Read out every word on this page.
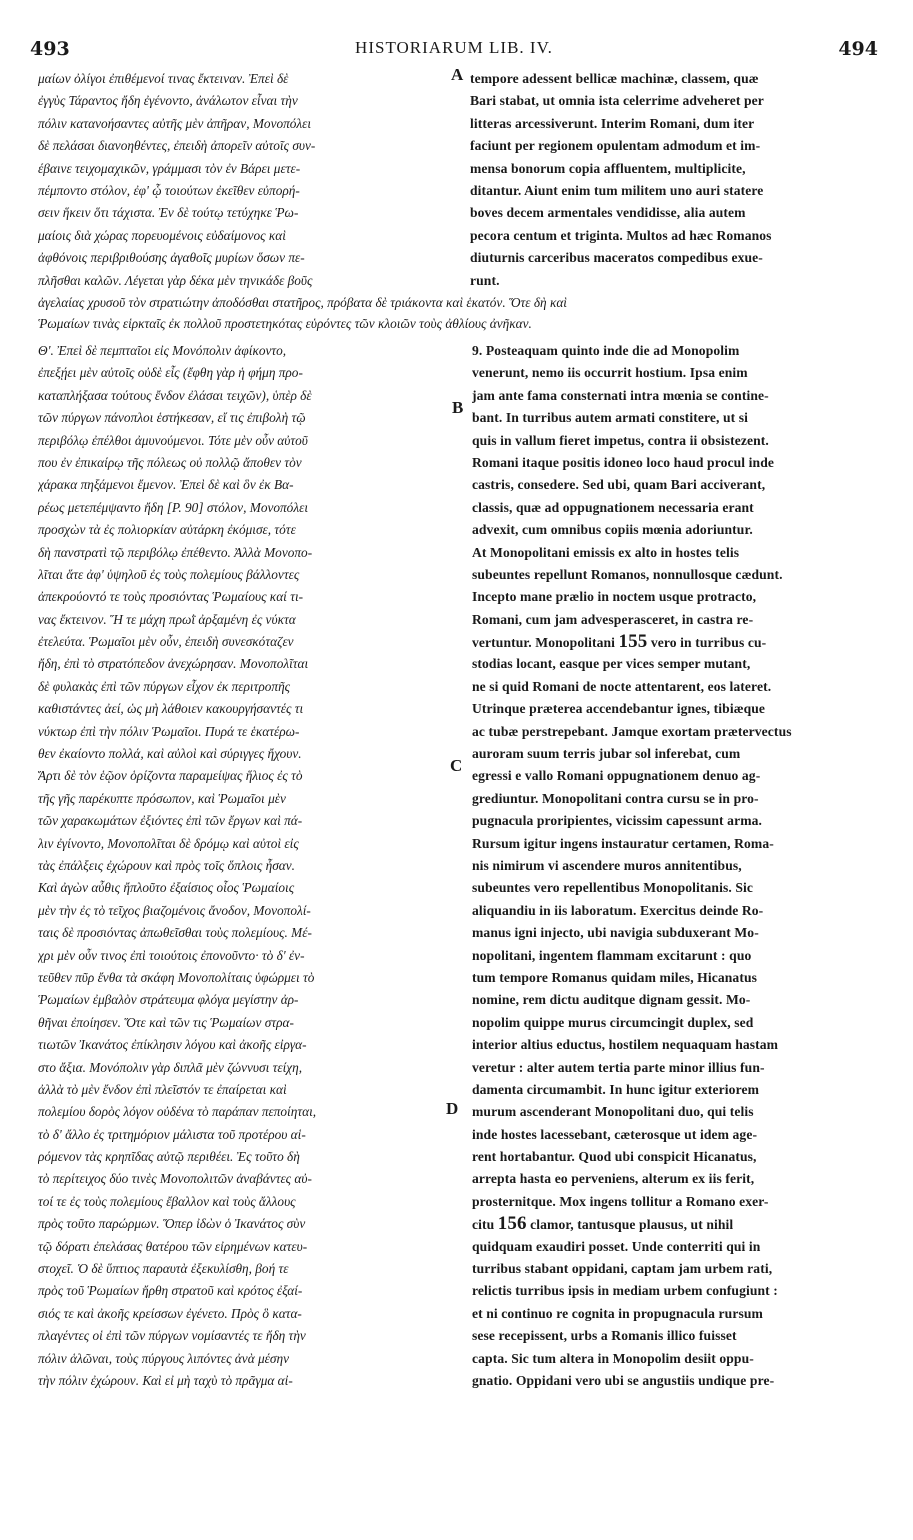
493	HISTORIARUM LIB. IV.	494
μαίων ὀλίγοι ἐπιθέμενοί τινας ἔκτειναν. Ἐπεὶ δὲ
ἐγγὺς Τάραντος ἤδη ἐγένοντο, ἀνάλωτον εἶναι τὴν
πόλιν κατανοήσαντες αὐτῆς μὲν ἀπῆραν, Μονοπόλει
δὲ πελάσαι διανοηθέντες, ἐπειδὴ ἀπορεῖν αὐτοῖς συν-
έβαινε τειχομαχικῶν, γράμμασι τὸν ἐν Βάρει μετε-
πέμποντο στόλον, ἐφ' ᾧ τοιούτων ἐκεῖθεν εὐπορή-
σειν ἥκειν ὅτι τάχιστα. Ἐν δὲ τούτῳ τετύχηκε Ῥω-
μαίοις διὰ χώρας πορευομένοις εὐδαίμονος καὶ
ἀφθόνοις περιβριθούσης ἀγαθοῖς μυρίων ὅσων πε-
πλῆσθαι καλῶν. Λέγεται γὰρ δέκα μὲν τηνικάδε βοῦς
tempore adessent bellicæ machinæ, classem, quæ
Bari stabat, ut omnia ista celerrime adveheret per
litteras arcessiverunt. Interim Romani, dum iter
faciunt per regionem opulentam admodum et im-
mensa bonorum copia affluentem, multiplicite,
ditantur. Aiunt enim tum militem uno auri statere
boves decem armentales vendidisse, alia autem
pecora centum et triginta. Multos ad hæc Romanos
diuturnis carceribus maceratos compedibus exue-
runt.
ἀγελαίας χρυσοῦ τὸν στρατιώτην ἀποδόσθαι στατῆρος, πρόβατα δὲ τριάκοντα καὶ ἑκατόν. Ὅτε δὴ καὶ
Ῥωμαίων τινὰς εἱρκταῖς ἐκ πολλοῦ προστετηκότας εὑρόντες τῶν κλοιῶν τοὺς ἀθλίους ἀνῆκαν.
Θ'. Ἐπεὶ δὲ πεμπταῖοι εἰς Μονόπολιν ἀφίκοντο,
ἐπεξῄει μὲν αὐτοῖς οὐδὲ εἷς (ἔφθη γὰρ ἡ φήμη προ-
καταπλήξασα τούτους ἔνδον ἐλάσαι τειχῶν), ὑπὲρ δὲ
τῶν πύργων πάνοπλοι ἑστήκεσαν, εἴ τις ἐπιβολὴ τῷ
περιβόλῳ ἐπέλθοι ἀμυνούμενοι. Τότε μὲν οὖν αὐτοῦ
που ἐν ἐπικαίρῳ τῆς πόλεως οὐ πολλῷ ἄποθεν τὸν
χάρακα πηξάμενοι ἔμενον. Ἐπεὶ δὲ καὶ ὃν ἐκ Βα-
ρέως μετεπέμψαντο ἤδη [P. 90] στόλον, Μονοπόλει
προσχὼν τὰ ἐς πολιορκίαν αὐτάρκη ἐκόμισε, τότε
δὴ πανστρατὶ τῷ περιβόλῳ ἐπέθεντο. Ἀλλὰ Μονοπο-
λῖται ἅτε ἀφ' ὑψηλοῦ ἐς τοὺς πολεμίους βάλλοντες
ἀπεκρούοντό τε τοὺς προσιόντας Ῥωμαίους καί τι-
νας ἔκτεινον. Ἥ τε μάχη πρωῒ ἀρξαμένη ἐς νύκτα
ἐτελεύτα. Ῥωμαῖοι μὲν οὖν, ἐπειδὴ συνεσκόταζεν
ἤδη, ἐπὶ τὸ στρατόπεδον ἀνεχώρησαν. Μονοπολῖται
δὲ φυλακὰς ἐπὶ τῶν πύργων εἶχον ἐκ περιτροπῆς
καθιστάντες ἀεί, ὡς μὴ λάθοιεν κακουργήσαντές τι
νύκτωρ ἐπὶ τὴν πόλιν Ῥωμαῖοι. Πυρά τε ἑκατέρω-
θεν ἐκαίοντο πολλά, καὶ αὐλοὶ καὶ σύριγγες ἤχουν.
Ἄρτι δὲ τὸν ἑῷον ὁρίζοντα παραμείψας ἥλιος ἐς τὸ
τῆς γῆς παρέκυπτε πρόσωπον, καὶ Ῥωμαῖοι μὲν
τῶν χαρακωμάτων ἐξιόντες ἐπὶ τῶν ἔργων καὶ πά-
λιν ἐγίνοντο, Μονοπολῖται δὲ δρόμῳ καὶ αὐτοὶ εἰς
τὰς ἐπάλξεις ἐχώρουν καὶ πρὸς τοῖς ὅπλοις ἦσαν.
Καὶ ἀγὼν αὖθις ἤπλοῦτο ἐξαίσιος οἷος Ῥωμαίοις
μὲν τὴν ἐς τὸ τεῖχος βιαζομένοις ἄνοδον, Μονοπολί-
ταις δὲ προσιόντας ἀπωθεῖσθαι τοὺς πολεμίους. Μέ-
χρι μὲν οὖν τινος ἐπὶ τοιούτοις ἐπονοῦντο· τὸ δ' ἐν-
τεῦθεν πῦρ ἔνθα τὰ σκάφη Μονοπολίταις ὑφώρμει τὸ
Ῥωμαίων ἐμβαλὸν στράτευμα φλόγα μεγίστην ἀρ-
θῆναι ἐποίησεν. Ὅτε καὶ τῶν τις Ῥωμαίων στρα-
τιωτῶν Ἰκανάτος ἐπίκλησιν λόγου καὶ ἀκοῆς εἰργα-
στο ἄξια. Μονόπολιν γὰρ διπλᾶ μὲν ζώννυσι τείχη,
ἀλλὰ τὸ μὲν ἔνδον ἐπὶ πλεῖστόν τε ἐπαίρεται καὶ
πολεμίου δορὸς λόγον οὐδένα τὸ παράπαν πεποίηται,
τὸ δ' ἄλλο ἐς τριτημόριον μάλιστα τοῦ προτέρου αἱ-
ρόμενον τὰς κρηπῖδας αὐτῷ περιθέει. Ἐς τοῦτο δὴ
τὸ περίτειχος δύο τινὲς Μονοπολιτῶν ἀναβάντες αὐ-
τοί τε ἐς τοὺς πολεμίους ἔβαλλον καὶ τοὺς ἄλλους
πρὸς τοῦτο παρώρμων. Ὅπερ ἰδὼν ὁ Ἰκανάτος σὺν
τῷ δόρατι ἐπελάσας θατέρου τῶν εἰρημένων κατευ-
στοχεῖ. Ὁ δὲ ὕπτιος παραυτὰ ἐξεκυλίσθη, βοή τε
πρὸς τοῦ Ῥωμαίων ἤρθη στρατοῦ καὶ κρότος ἐξαί-
σιός τε καὶ ἀκοῆς κρείσσων ἐγένετο. Πρὸς ὃ κατα-
πλαγέντες οἱ ἐπὶ τῶν πύργων νομίσαντές τε ἤδη τὴν
πόλιν ἁλῶναι, τοὺς πύργους λιπόντες ἀνὰ μέσην
τὴν πόλιν ἐχώρουν. Καὶ εἰ μὴ ταχὺ τὸ πρᾶγμα αἰ-
9. Posteaquam quinto inde die ad Monopolim
venerunt, nemo iis occurrit hostium. Ipsa enim
jam ante fama consternati intra mœnia se contine-
bant. In turribus autem armati constitere, ut si
quis in vallum fieret impetus, contra ii obsistezent.
Romani itaque positis idoneo loco haud procul inde
castris, consedere. Sed ubi, quam Bari acciverant,
classis, quæ ad oppugnationem necessaria erant
advexit, cum omnibus copiis mœnia adoriuntur.
At Monopolitani emissis ex alto in hostes telis
subeuntes repellunt Romanos, nonnullosque cædunt.
Incepto mane prælio in noctem usque protracto,
Romani, cum jam advesperasceret, in castra re-
vertuntur. Monopolitani 155 vero in turribus cu-
stodias locant, easque per vices semper mutant,
ne si quid Romani de nocte attentarent, eos lateret.
Utrinque præterea accendebantur ignes, tibiæque
ac tubæ perstrepebant. Jamque exortam prætervectus
auroram suum terris jubar sol inferebat, cum
egressi e vallo Romani oppugnationem denuo ag-
grediuntur. Monopolitani contra cursu se in pro-
pugnacula proripientes, vicissim capessunt arma.
Rursum igitur ingens instauratur certamen, Roma-
nis nimirum vi ascendere muros annitentibus,
subeuntes vero repellentibus Monopolitanis. Sic
aliquandiu in iis laboratum. Exercitus deinde Ro-
manus igni injecto, ubi navigia subduxerant Mo-
nopolitani, ingentem flammam excitarunt : quo
tum tempore Romanus quidam miles, Hicanatus
nomine, rem dictu auditque dignam gessit. Mo-
nopolim quippe murus circumcingit duplex, sed
interior altius eductus, hostilem nequaquam hastam
veretur : alter autem tertia parte minor illius fun-
damenta circumambit. In hunc igitur exteriorem
murum ascenderant Monopolitani duo, qui telis
inde hostes lacessebant, cæterosque ut idem age-
rent hortabantur. Quod ubi conspicit Hicanatus,
arrepta hasta eo perveniens, alterum ex iis ferit,
prosternitque. Mox ingens tollitur a Romano exer-
citu 156 clamor, tantusque plausus, ut nihil
quidquam exaudiri posset. Unde conterriti qui in
turribus stabant oppidani, captam jam urbem rati,
relictis turribus ipsis in mediam urbem confugiunt :
et ni continuo re cognita in propugnacula rursum
sese recepissent, urbs a Romanis illico fuisset
capta. Sic tum altera in Monopolim desiit oppu-
gnatio. Oppidani vero ubi se angustiis undique pre-
A
B
C
D
